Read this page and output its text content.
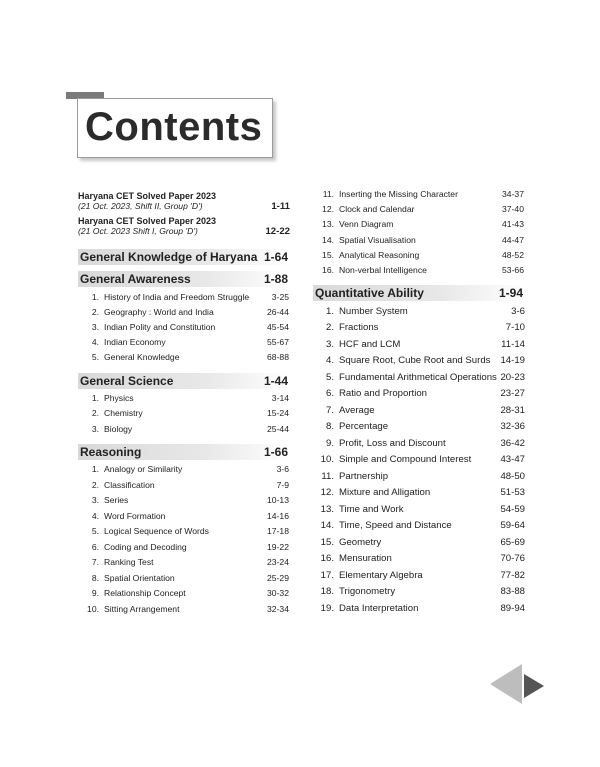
Contents
Haryana CET Solved Paper 2023
(21 Oct. 2023, Shift II, Group 'D')	1-11
Haryana CET Solved Paper 2023
(21 Oct. 2023 Shift I, Group 'D')	12-22
General Knowledge of Haryana 1-64
General Awareness	1-88
1. History of India and Freedom Struggle	3-25
2. Geography : World and India	26-44
3. Indian Polity and Constitution	45-54
4. Indian Economy	55-67
5. General Knowledge	68-88
General Science	1-44
1. Physics	3-14
2. Chemistry	15-24
3. Biology	25-44
Reasoning	1-66
1. Analogy or Similarity	3-6
2. Classification	7-9
3. Series	10-13
4. Word Formation	14-16
5. Logical Sequence of Words	17-18
6. Coding and Decoding	19-22
7. Ranking Test	23-24
8. Spatial Orientation	25-29
9. Relationship Concept	30-32
10. Sitting Arrangement	32-34
11. Inserting the Missing Character	34-37
12. Clock and Calendar	37-40
13. Venn Diagram	41-43
14. Spatial Visualisation	44-47
15. Analytical Reasoning	48-52
16. Non-verbal Intelligence	53-66
Quantitative Ability	1-94
1. Number System	3-6
2. Fractions	7-10
3. HCF and LCM	11-14
4. Square Root, Cube Root and Surds	14-19
5. Fundamental Arithmetical Operations 20-23
6. Ratio and Proportion	23-27
7. Average	28-31
8. Percentage	32-36
9. Profit, Loss and Discount	36-42
10. Simple and Compound Interest	43-47
11. Partnership	48-50
12. Mixture and Alligation	51-53
13. Time and Work	54-59
14. Time, Speed and Distance	59-64
15. Geometry	65-69
16. Mensuration	70-76
17. Elementary Algebra	77-82
18. Trigonometry	83-88
19. Data Interpretation	89-94
